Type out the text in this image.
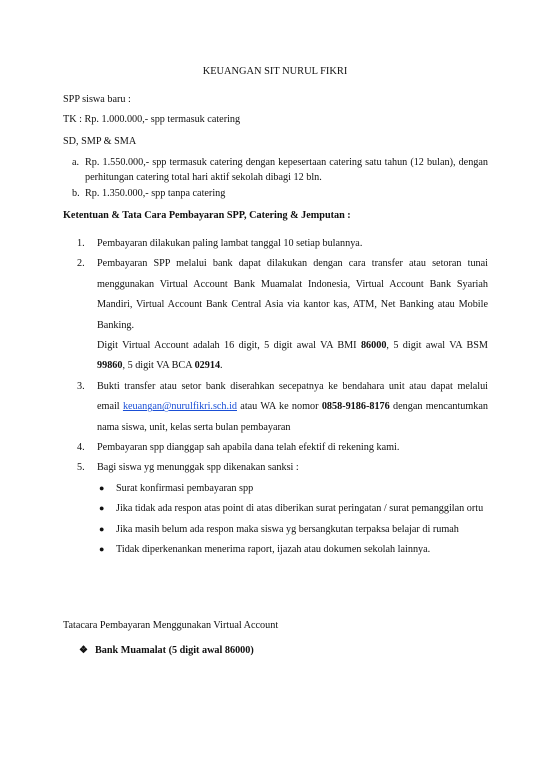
KEUANGAN SIT NURUL FIKRI
SPP siswa baru :
TK : Rp. 1.000.000,- spp termasuk catering
SD, SMP & SMA
a. Rp. 1.550.000,- spp termasuk catering dengan kepesertaan catering satu tahun (12 bulan), dengan perhitungan catering total hari aktif sekolah dibagi 12 bln.
b. Rp. 1.350.000,- spp tanpa catering
Ketentuan & Tata Cara Pembayaran SPP, Catering & Jemputan :
1. Pembayaran dilakukan paling lambat tanggal 10 setiap bulannya.
2. Pembayaran SPP melalui bank dapat dilakukan dengan cara transfer atau setoran tunai menggunakan Virtual Account Bank Muamalat Indonesia, Virtual Account Bank Syariah Mandiri, Virtual Account Bank Central Asia via kantor kas, ATM, Net Banking atau Mobile Banking.
Digit Virtual Account adalah 16 digit, 5 digit awal VA BMI 86000, 5 digit awal VA BSM 99860, 5 digit VA BCA 02914.
3. Bukti transfer atau setor bank diserahkan secepatnya ke bendahara unit atau dapat melalui email keuangan@nurulfikri.sch.id atau WA ke nomor 0858-9186-8176 dengan mencantumkan nama siswa, unit, kelas serta bulan pembayaran
4. Pembayaran spp dianggap sah apabila dana telah efektif di rekening kami.
5. Bagi siswa yg menunggak spp dikenakan sanksi :
● Surat konfirmasi pembayaran spp
● Jika tidak ada respon atas point di atas diberikan surat peringatan / surat pemanggilan ortu
● Jika masih belum ada respon maka siswa yg bersangkutan terpaksa belajar di rumah
● Tidak diperkenankan menerima raport, ijazah atau dokumen sekolah lainnya.
Tatacara Pembayaran Menggunakan Virtual Account
❖ Bank Muamalat (5 digit awal 86000)
